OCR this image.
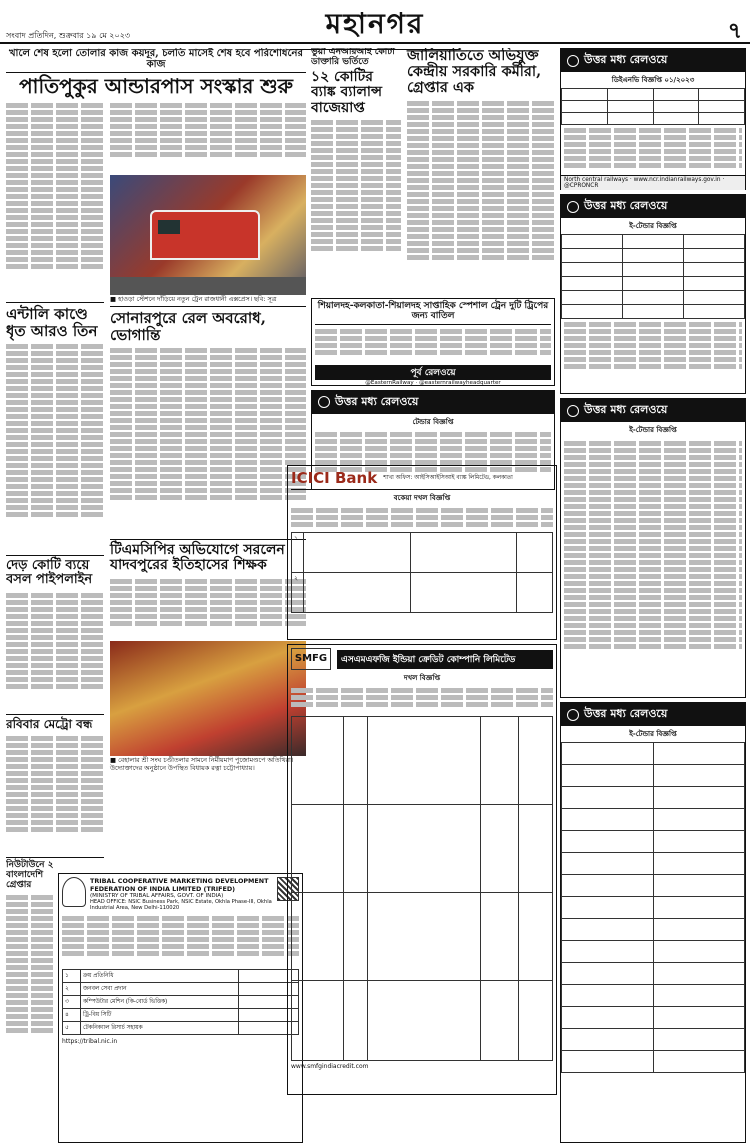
সংবাদ প্রতিদিন, শুক্রবার ১৯ মে ২০২৩	মহানগর	৭
খালে শেষ হলো তোলার কাজ কয়দূর, চলতি মাসেই শেষ হবে পরিশোধনের কাজ
পাতিপুকুর আন্ডারপাস সংস্কার শুরু
এন্টালি কাণ্ডে ধৃত আরও তিন
দেড় কোটি ব্যয়ে বসল পাইপলাইন
রবিবার মেট্রো বন্ধ
নিউটাউনে ২ বাংলাদেশি গ্রেপ্তার
■ হাওড়া স্টেশনে দাঁড়িয়ে নতুন ট্রেন রাজধানী এক্সপ্রেস। ছবি: সূত্র
সোনারপুরে রেল অবরোধ, ভোগান্তি
টিএমসিপির অভিযোগে সরলেন যাদবপুরের ইতিহাসের শিক্ষক
■ বেহালার শ্রী সংঘ চণ্ডীতলার সামনে নির্মীয়মাণ পুজোমণ্ডপে অতিথিরা। উদ্যোক্তাদের অনুষ্ঠানে উপস্থিত বিধায়ক রত্না চট্টোপাধ্যায়।
TRIBAL COOPERATIVE MARKETING DEVELOPMENT FEDERATION OF INDIA LIMITED (TRIFED)
(MINISTRY OF TRIBAL AFFAIRS, GOVT. OF INDIA)
HEAD OFFICE: NSIC Business Park, NSIC Estate, Okhla Phase-III, Okhla Industrial Area, New Delhi-110020
১	ক্রয় প্রতিনিধি	
২	জনবল সেবা প্রদান	
৩	কম্পিউটার মেশিন (কি-বোর্ড ভিত্তিক)	
৪	ট্রি-বিয় সিটি	
৫	টেকনিক্যাল রিসার্চ সহায়ক	
https://tribal.nic.in
ভুয়া এনআরআই কোটা ডাক্তারি ভর্তিতে
১২ কোটির ব্যাঙ্ক ব্যালান্স বাজেয়াপ্ত
জালিয়াতিতে অভিযুক্ত কেন্দ্রীয় সরকারি কর্মীরা, গ্রেপ্তার এক
শিয়ালদহ-কলকাতা-শিয়ালদহ সাপ্তাহিক স্পেশাল ট্রেন দুটি ট্রিপের জন্য বাতিল
পূর্ব রেলওয়ে
@EasternRailway · @easternrailwayheadquarter
উত্তর মধ্য রেলওয়ে
টেন্ডার বিজ্ঞপ্তি
ICICI Bank শাখা অফিস: আইসিআইসিআই ব্যাঙ্ক লিমিটেড, কলকাতা
বকেয়া দখল বিজ্ঞপ্তি
১			
২			
SMFG	এসএমএফজি ইন্ডিয়া ক্রেডিট কোম্পানি লিমিটেড
দখল বিজ্ঞপ্তি

www.smfgindiacredit.com
উত্তর মধ্য রেলওয়ে
ডিইএনভি বিজ্ঞপ্তি ০১/২০২৩

North central railways · www.ncr.indianrailways.gov.in · @CPRONCR
উত্তর মধ্য রেলওয়ে
ই-টেন্ডার বিজ্ঞপ্তি

উত্তর মধ্য রেলওয়ে
ই-টেন্ডার বিজ্ঞপ্তি
উত্তর মধ্য রেলওয়ে
ই-টেন্ডার বিজ্ঞপ্তি
